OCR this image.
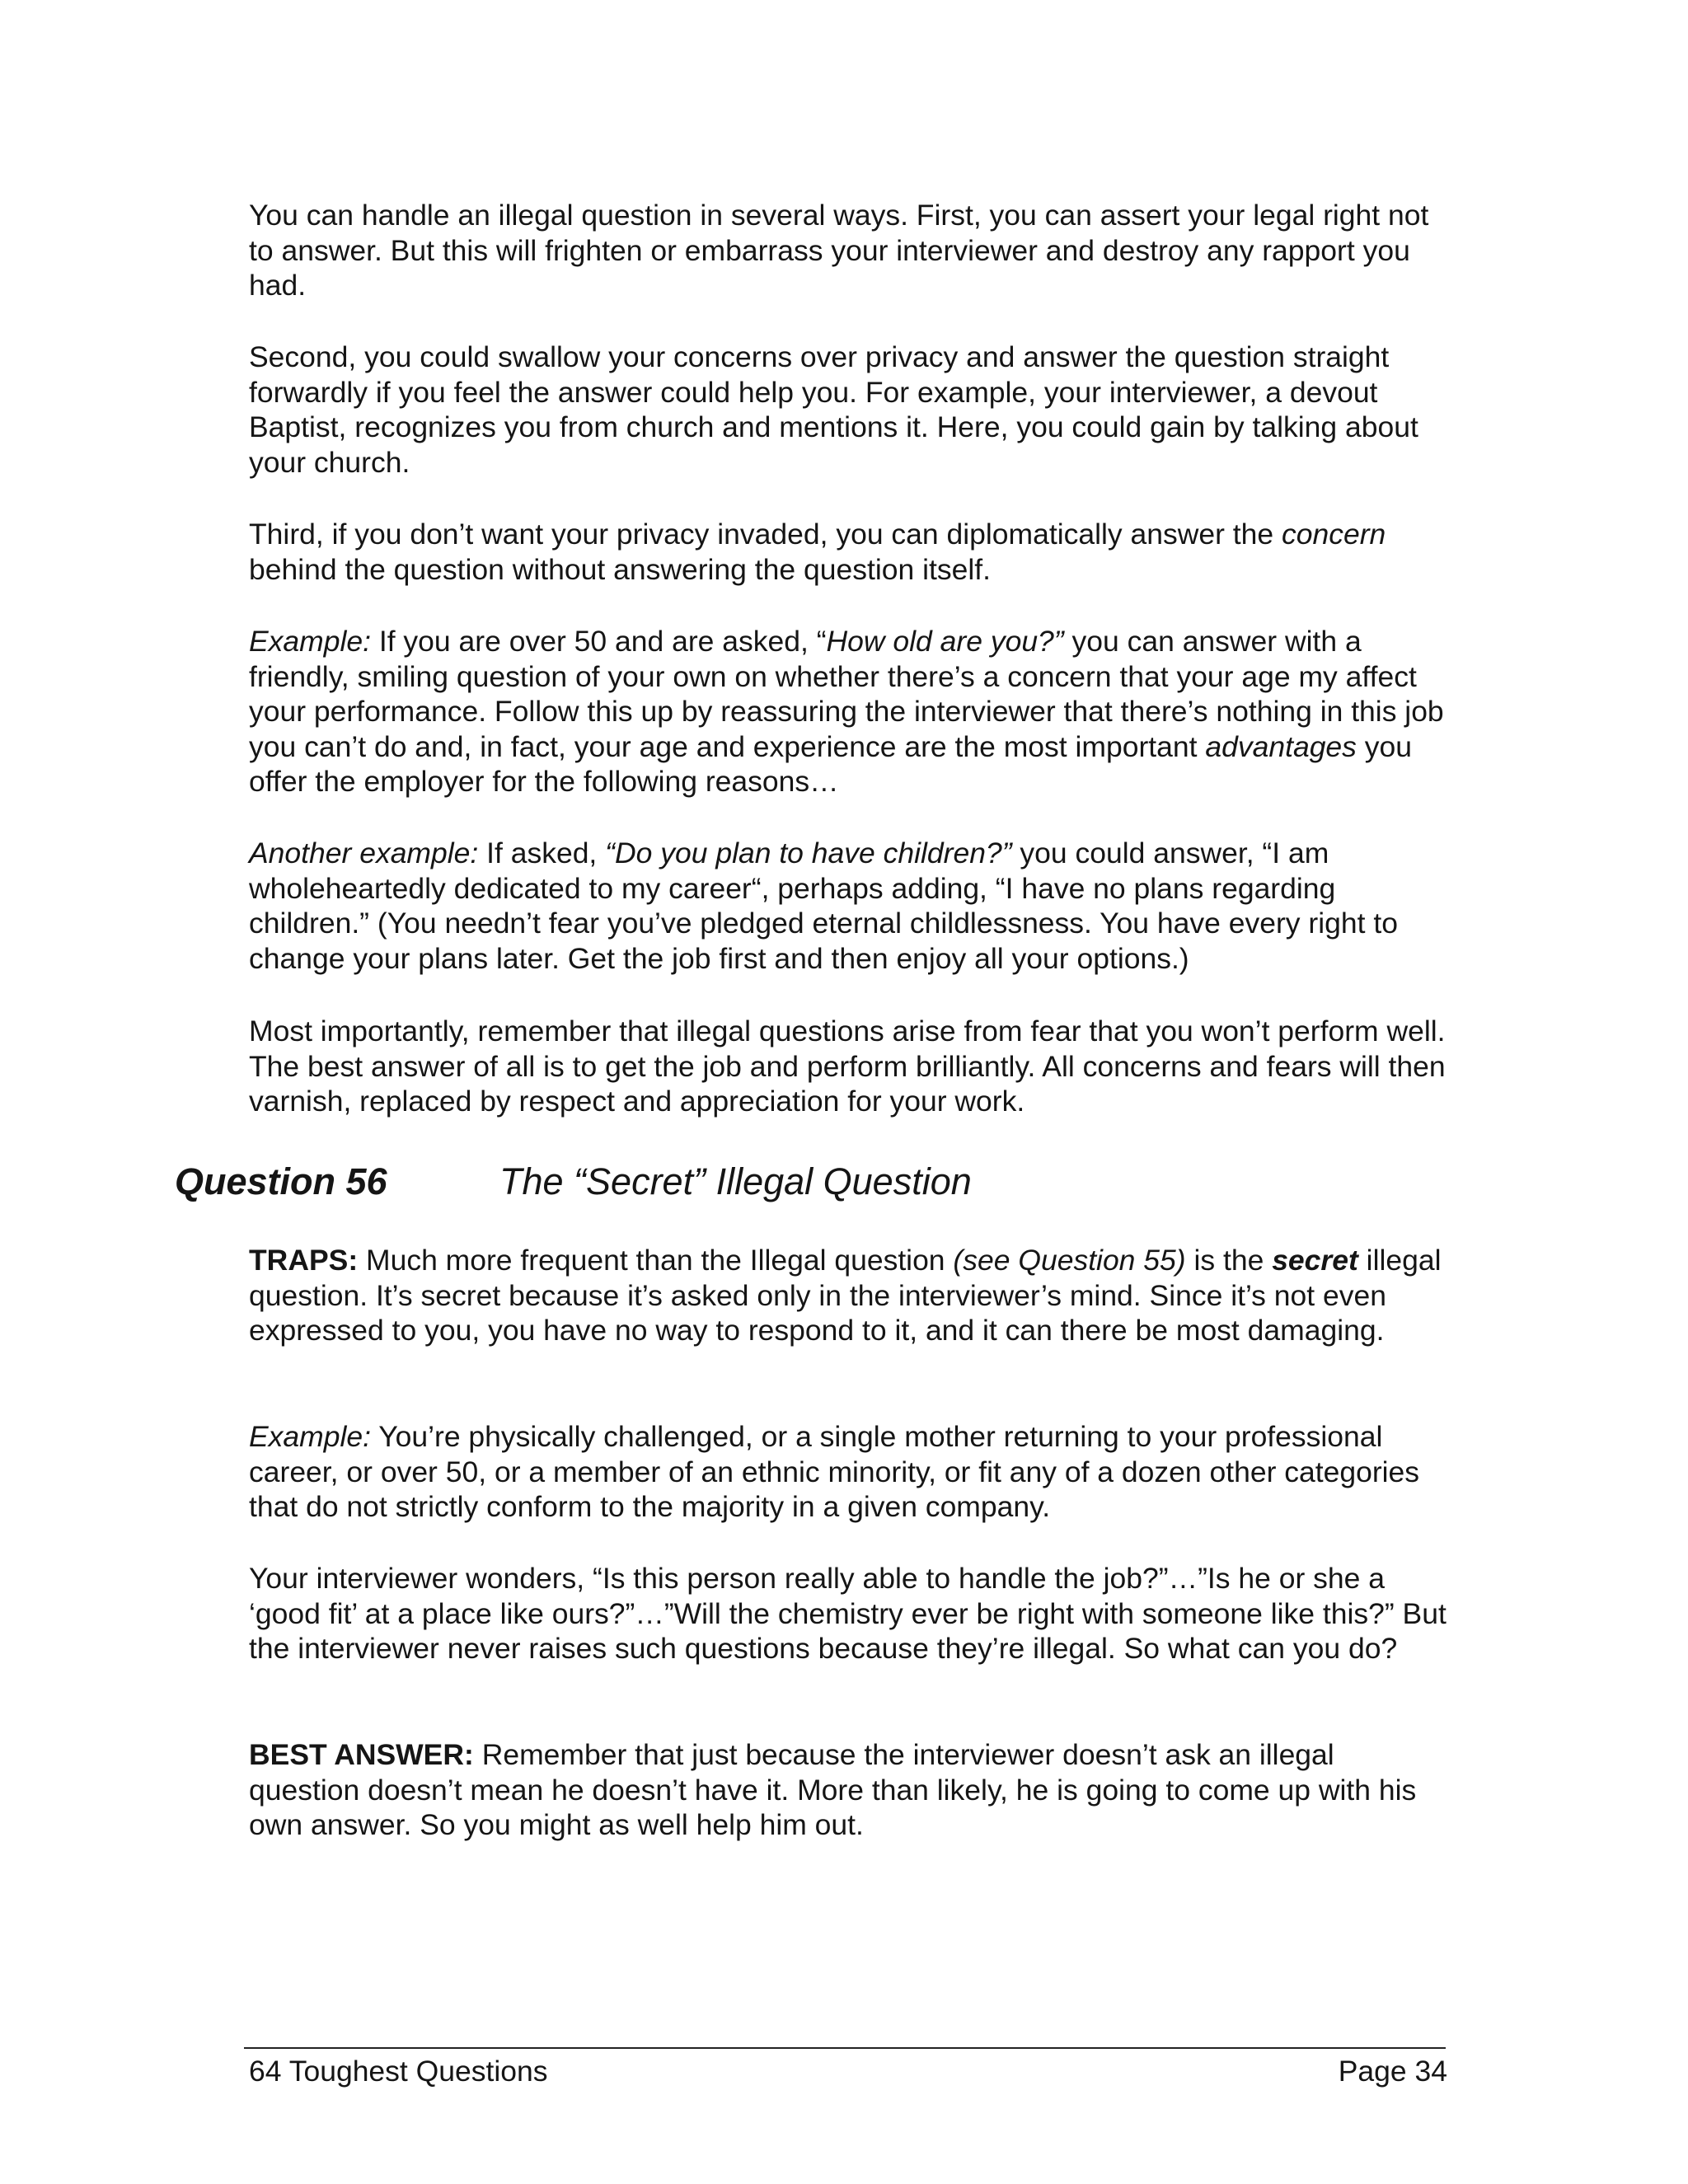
You can handle an illegal question in several ways. First, you can assert your legal right not to answer. But this will frighten or embarrass your interviewer and destroy any rapport you had.

Second, you could swallow your concerns over privacy and answer the question straight forwardly if you feel the answer could help you. For example, your interviewer, a devout Baptist, recognizes you from church and mentions it. Here, you could gain by talking about your church.

Third, if you don’t want your privacy invaded, you can diplomatically answer the concern behind the question without answering the question itself.

Example: If you are over 50 and are asked, “How old are you?” you can answer with a friendly, smiling question of your own on whether there’s a concern that your age my affect your performance. Follow this up by reassuring the interviewer that there’s nothing in this job you can’t do and, in fact, your age and experience are the most important advantages you offer the employer for the following reasons…

Another example: If asked, “Do you plan to have children?” you could answer, “I am wholeheartedly dedicated to my career“, perhaps adding, “I have no plans regarding children.” (You needn’t fear you’ve pledged eternal childlessness. You have every right to change your plans later. Get the job first and then enjoy all your options.)

Most importantly, remember that illegal questions arise from fear that you won’t perform well. The best answer of all is to get the job and perform brilliantly. All concerns and fears will then varnish, replaced by respect and appreciation for your work.

Question 56	The “Secret” Illegal Question

TRAPS: Much more frequent than the Illegal question (see Question 55) is the secret illegal question. It’s secret because it’s asked only in the interviewer’s mind. Since it’s not even expressed to you, you have no way to respond to it, and it can there be most damaging.

Example: You’re physically challenged, or a single mother returning to your professional career, or over 50, or a member of an ethnic minority, or fit any of a dozen other categories that do not strictly conform to the majority in a given company.

Your interviewer wonders, “Is this person really able to handle the job?”…”Is he or she a ‘good fit’ at a place like ours?”…”Will the chemistry ever be right with someone like this?” But the interviewer never raises such questions because they’re illegal. So what can you do?

BEST ANSWER: Remember that just because the interviewer doesn’t ask an illegal question doesn’t mean he doesn’t have it. More than likely, he is going to come up with his own answer. So you might as well help him out.

64 Toughest Questions	Page 34
